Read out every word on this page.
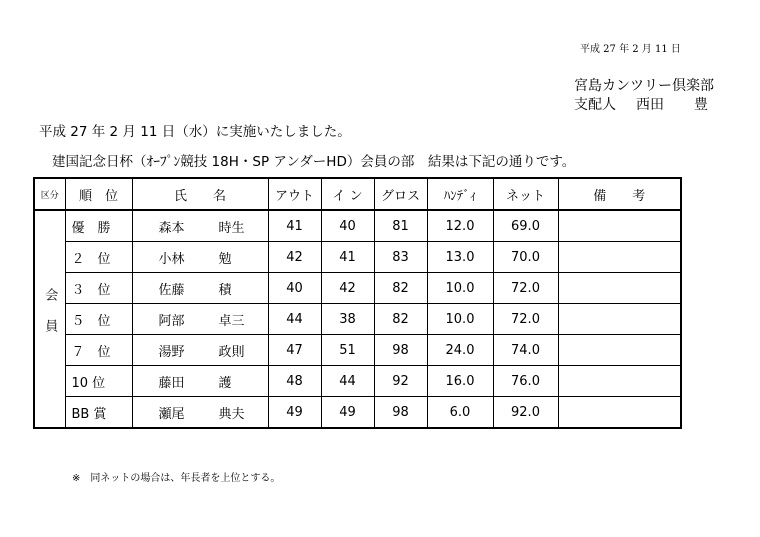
平成 27 年 2 月 11 日
宮島カンツリー倶楽部
支配人 西田 豊
平成 27 年 2 月 11 日（水）に実施いたしました。
建国記念日杯（ｵｰﾌﾟﾝ競技 18H・SP アンダーHD）会員の部　結果は下記の通りです。
区分	順　位	氏　　名	アウト	イ ン	グロス	ﾊﾝﾃﾞｨ	ネット	備　　考
会員	優　勝	森本 時生	41	40	81	12.0	69.0	
	２　位	小林 勉	42	41	83	13.0	70.0	
	３　位	佐藤 積	40	42	82	10.0	72.0	
	５　位	阿部 卓三	44	38	82	10.0	72.0	
	７　位	湯野 政則	47	51	98	24.0	74.0	
	10 位	藤田 護	48	44	92	16.0	76.0	
	BB 賞	瀬尾 典夫	49	49	98	6.0	92.0	
※　同ネットの場合は、年長者を上位とする。
